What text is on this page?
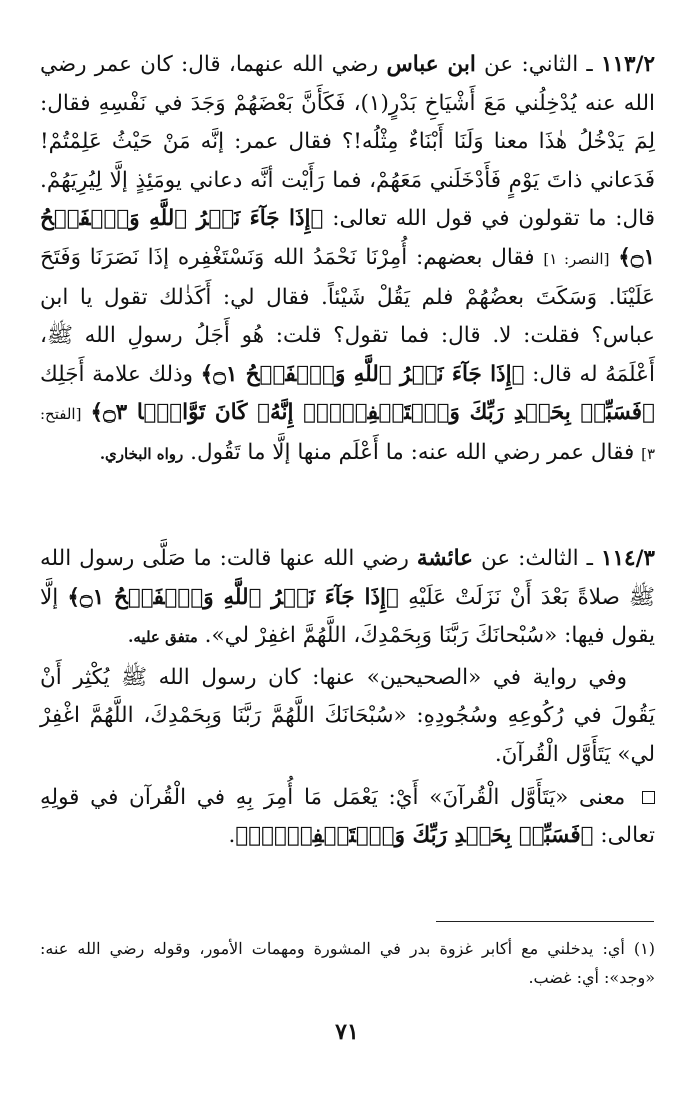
١١٣/٢ ـ الثاني: عن ابن عباس رضي الله عنهما، قال: كان عمر رضي الله عنه يُدْخِلُني مَعَ أَشْيَاخِ بَدْرٍ(١)، فَكَأَنَّ بَعْضَهُمْ وَجَدَ في نَفْسِهِ فقال: لِمَ يَدْخُلُ هٰذَا معنا وَلَنَا أَبْنَاءٌ مِثْلُه!؟ فقال عمر: إنَّه مَنْ حَيْثُ عَلِمْتُمْ! فَدَعاني ذاتَ يَوْمٍ فَأَدْخَلَني مَعَهُمْ، فما رَأَيْت أنَّه دعاني يومَئِذٍ إلَّا لِيُرِيَهُمْ. قال: ما تقولون في قول الله تعالى: ﴿إِذَا جَآءَ نَصۡرُ ٱللَّهِ وَٱلۡفَتۡحُ ۝١﴾ [النصر: ١] فقال بعضهم: أُمِرْنَا نَحْمَدُ الله وَنَسْتَغْفِره إذَا نَصَرَنَا وَفَتَحَ عَلَيْنَا. وَسَكَتَ بعضُهُمْ فلم يَقُلْ شَيْئاً. فقال لي: أَكَذٰلك تقول يا ابن عباس؟ فقلت: لا. قال: فما تقول؟ قلت: هُو أَجَلُ رسولِ الله ﷺ، أَعْلَمَهُ له قال: ﴿إِذَا جَآءَ نَصۡرُ ٱللَّهِ وَٱلۡفَتۡحُ ۝١﴾ وذلك علامة أَجَلِك ﴿فَسَبِّحۡ بِحَمۡدِ رَبِّكَ وَٱسۡتَغۡفِرۡهُۚ إِنَّهُۥ كَانَ تَوَّابَۢا ۝٣﴾ [الفتح: ٣] فقال عمر رضي الله عنه: ما أَعْلَم منها إلَّا ما تَقُول. رواه البخاري.

١١٤/٣ ـ الثالث: عن عائشة رضي الله عنها قالت: ما صَلَّى رسول الله ﷺ صلاةً بَعْدَ أَنْ نَزَلَتْ عَلَيْهِ ﴿إِذَا جَآءَ نَصۡرُ ٱللَّهِ وَٱلۡفَتۡحُ ۝١﴾ إلَّا يقول فيها: «سُبْحانَكَ رَبَّنَا وَبِحَمْدِكَ، اللَّهُمَّ اغفِرْ لي». متفق عليه.

وفي رواية في «الصحيحين» عنها: كان رسول الله ﷺ يُكْثِر أَنْ يَقُولَ في رُكُوعِهِ وسُجُودِهِ: «سُبْحَانَكَ اللَّهُمَّ رَبَّنَا وَبِحَمْدِكَ، اللَّهُمَّ اغْفِرْ لي» يَتَأَوَّل الْقُرآنَ.

معنى «يَتَأَوَّل الْقُرآنَ» أَيْ: يَعْمَل مَا أُمِرَ بِهِ في الْقُرآن في قولِهِ تعالى: ﴿فَسَبِّحۡ بِحَمۡدِ رَبِّكَ وَٱسۡتَغۡفِرۡهُۚ﴾.

(١) أي: يدخلني مع أكابر غزوة بدر في المشورة ومهمات الأمور، وقوله رضي الله عنه: «وجد»: أي: غضب.
٧١
